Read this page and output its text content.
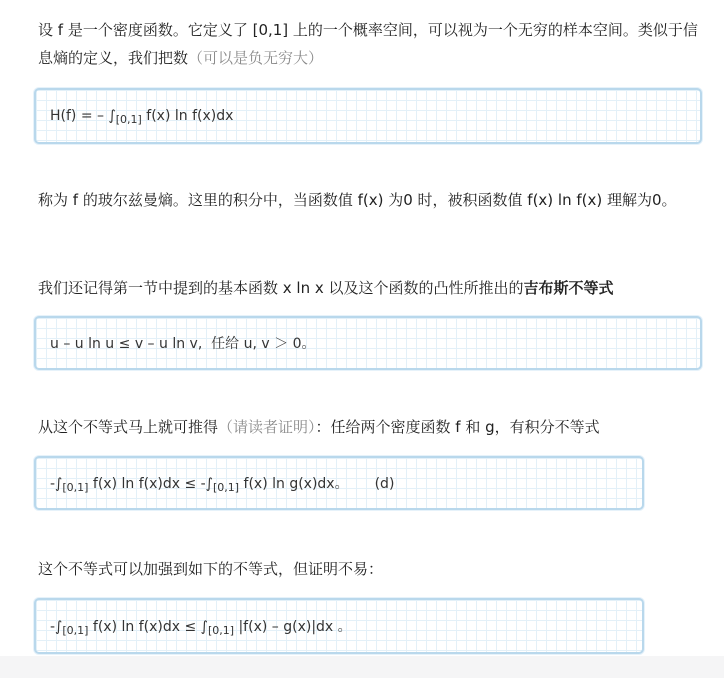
设 f 是一个密度函数。它定义了 [0,1] 上的一个概率空间，可以视为一个无穷的样本空间。类似于信息熵的定义，我们把数（可以是负无穷大）
H(f) = – $\int_{[0,1]}$ f(x) ln f(x)dx
称为 f 的玻尔兹曼熵。这里的积分中，当函数值 f(x) 为0 时，被积函数值 f(x) ln f(x) 理解为0。
我们还记得第一节中提到的基本函数 x ln x 以及这个函数的凸性所推出的吉布斯不等式
u – u ln u ≤ v – u ln v,  任给 u, v ＞ 0。
从这个不等式马上就可推得（请读者证明）：任给两个密度函数 f 和 g，有积分不等式
$-\int_{[0,1]}$ f(x) $\ln f(x)dx \le -\int_{[0,1]}$ f(x) ln g(x)dx。 (d)
这个不等式可以加强到如下的不等式，但证明不易：
$-\int_{[0,1]}$ f(x) $\ln f(x)dx \le \int_{[0,1]}$ |f(x) – g(x)|dx 。
